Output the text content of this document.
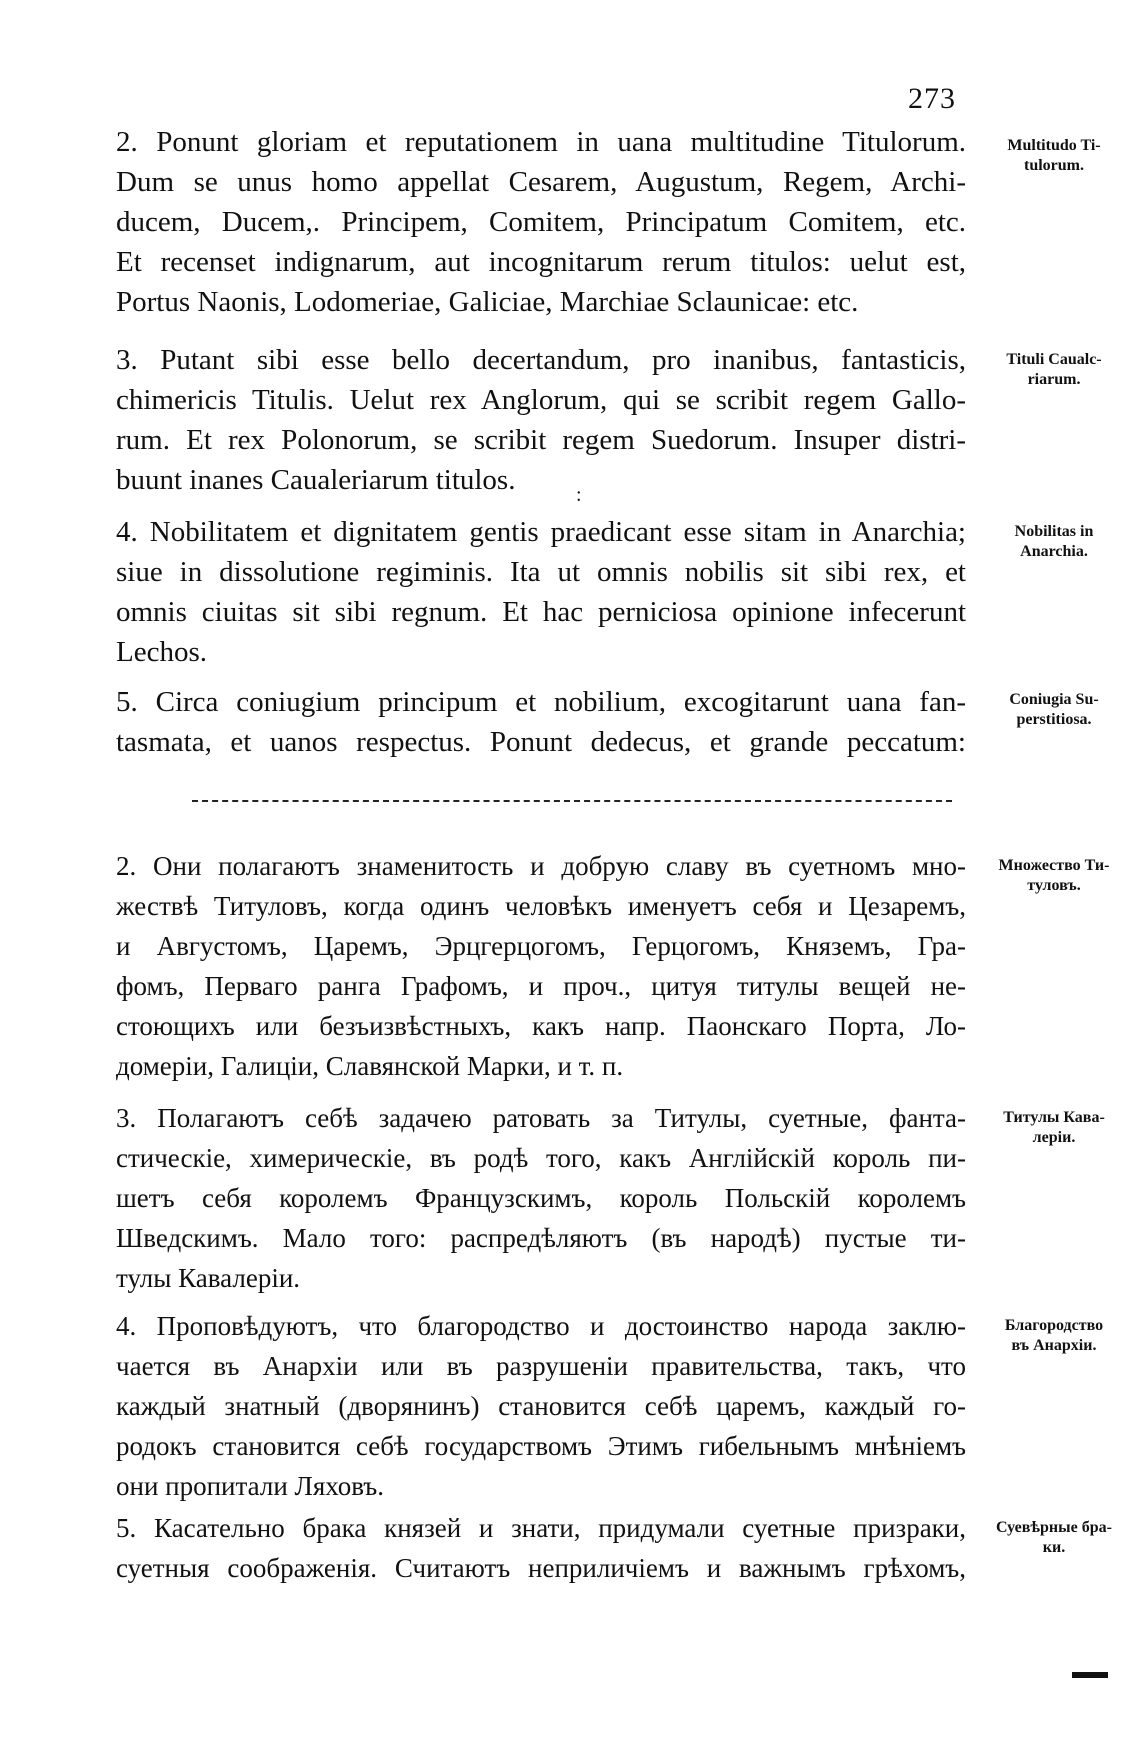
273
2. Ponunt gloriam et reputationem in uana multitudine Titulorum.
Dum se unus homo appellat Cesarem, Augustum, Regem, Archi-
ducem, Ducem,. Principem, Comitem, Principatum Comitem, etc.
Et recenset indignarum, aut incognitarum rerum titulos: uelut est,
Portus Naonis, Lodomeriae, Galiciae, Marchiae Sclaunicae: etc.
Multitudo Ti-
tulorum.
3. Putant sibi esse bello decertandum, pro inanibus, fantasticis,
chimericis Titulis. Uelut rex Anglorum, qui se scribit regem Gallo-
rum. Et rex Polonorum, se scribit regem Suedorum. Insuper distri-
buunt inanes Caualeriarum titulos.
Tituli Caualc-
riarum.
:
4. Nobilitatem et dignitatem gentis praedicant esse sitam in Anarchia;
siue in dissolutione regiminis. Ita ut omnis nobilis sit sibi rex, et
omnis ciuitas sit sibi regnum. Et hac perniciosa opinione infecerunt
Lechos.
Nobilitas in
Anarchia.
5. Circa coniugium principum et nobilium, excogitarunt uana fan-
tasmata, et uanos respectus. Ponunt dedecus, et grande peccatum:
Coniugia Su-
perstitiosa.
2. Они полагаютъ знаменитость и добрую славу въ суетномъ мно-
жествѣ Титуловъ, когда одинъ человѣкъ именуетъ себя и Цезаремъ,
и Августомъ, Царемъ, Эрцгерцогомъ, Герцогомъ, Княземъ, Гра-
фомъ, Перваго ранга Графомъ, и проч., цитуя титулы вещей не-
стоющихъ или безъизвѣстныхъ, какъ напр. Паонскаго Порта, Ло-
домеріи, Галиціи, Славянской Марки, и т. п.
Множество Ти-
туловъ.
3. Полагаютъ себѣ задачею ратовать за Титулы, суетные, фанта-
стическіе, химерическіе, въ родѣ того, какъ Англійскій король пи-
шетъ себя королемъ Французскимъ, король Польскій королемъ
Шведскимъ. Мало того: распредѣляютъ (въ народѣ) пустые ти-
тулы Кавалеріи.
Титулы Кава-
леріи.
4. Проповѣдуютъ, что благородство и достоинство народа заклю-
чается въ Анархіи или въ разрушеніи правительства, такъ, что
каждый знатный (дворянинъ) становится себѣ царемъ, каждый го-
родокъ становится себѣ государствомъ Этимъ гибельнымъ мнѣніемъ
они пропитали Ляховъ.
Благородство
въ Анархіи.
5. Касательно брака князей и знати, придумали суетные призраки,
суетныя соображенія. Считаютъ неприличіемъ и важнымъ грѣхомъ,
Суевѣрные бра-
ки.
